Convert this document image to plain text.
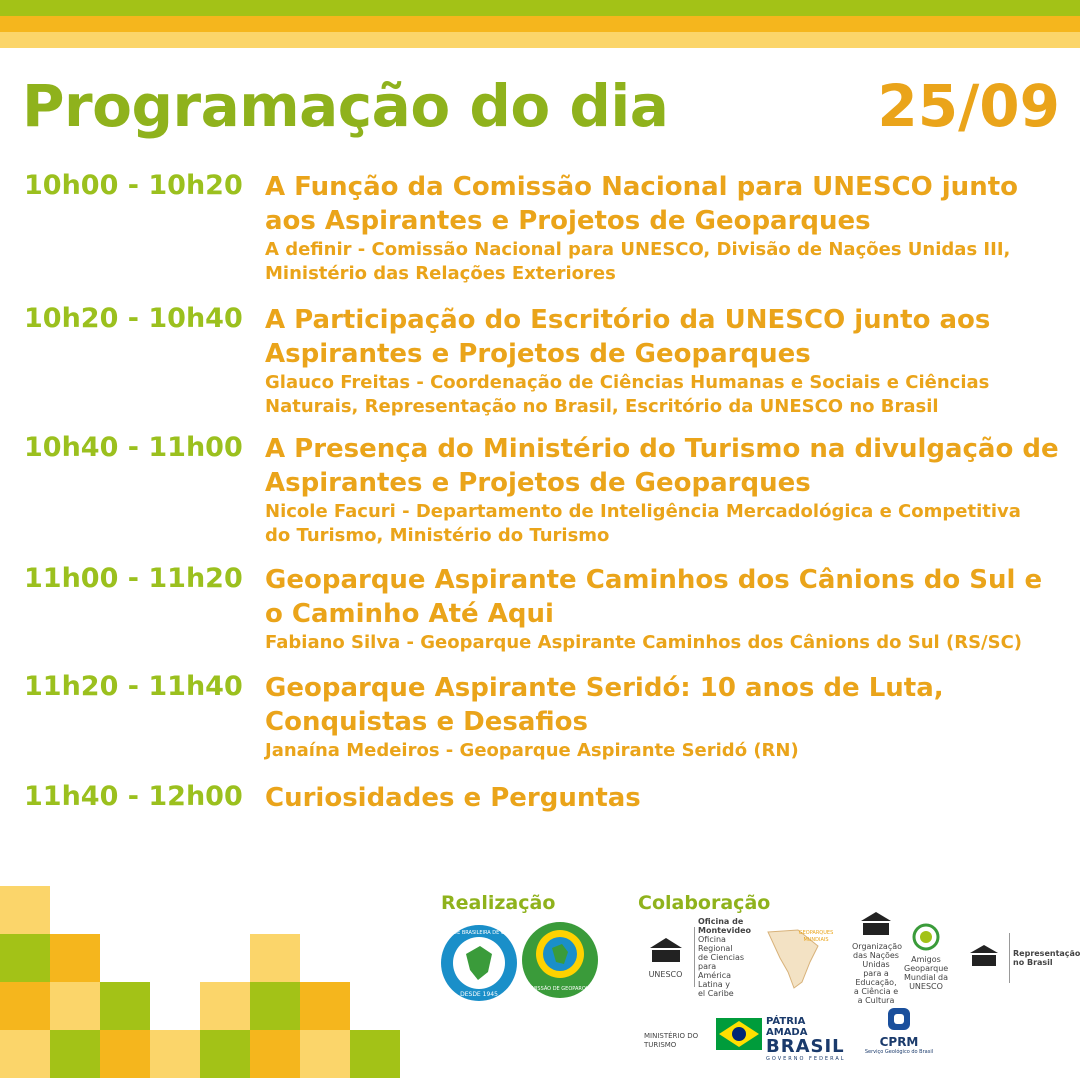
Programação do dia	25/09
10h00 - 10h20 A Função da Comissão Nacional para UNESCO junto
aos Aspirantes e Projetos de Geoparques
A definir - Comissão Nacional para UNESCO, Divisão de Nações Unidas III,
Ministério das Relações Exteriores
10h20 - 10h40 A Participação do Escritório da UNESCO junto aos
Aspirantes e Projetos de Geoparques
Glauco Freitas - Coordenação de Ciências Humanas e Sociais e Ciências
Naturais, Representação no Brasil, Escritório da UNESCO no Brasil
10h40 - 11h00 A Presença do Ministério do Turismo na divulgação de
Aspirantes e Projetos de Geoparques
Nicole Facuri - Departamento de Inteligência Mercadológica e Competitiva
do Turismo, Ministério do Turismo
11h00 - 11h20 Geoparque Aspirante Caminhos dos Cânions do Sul e
o Caminho Até Aqui
Fabiano Silva - Geoparque Aspirante Caminhos dos Cânions do Sul (RS/SC)
11h20 - 11h40 Geoparque Aspirante Seridó: 10 anos de Luta,
Conquistas e Desafios
Janaína Medeiros - Geoparque Aspirante Seridó (RN)
11h40 - 12h00 Curiosidades e Perguntas
Realização	Colaboração
DESDE 1945
SOCIEDADE BRASILEIRA DE GEOLOGIA
COMISSÃO DE GEOPARQUES
UNESCO
Oficina de
Montevideo
Oficina Regional
de Ciencias para
América Latina y
el Caribe
GEOPARQUES
MUNDIAIS
Organização
das Nações Unidas
para a Educação,
a Ciência e a Cultura
Amigos
Geoparque
Mundial da
UNESCO
Representação
no Brasil
MINISTÉRIO DO
TURISMO
PÁTRIA AMADA
BRASIL
GOVERNO FEDERAL
CPRM
Serviço Geológico do Brasil
